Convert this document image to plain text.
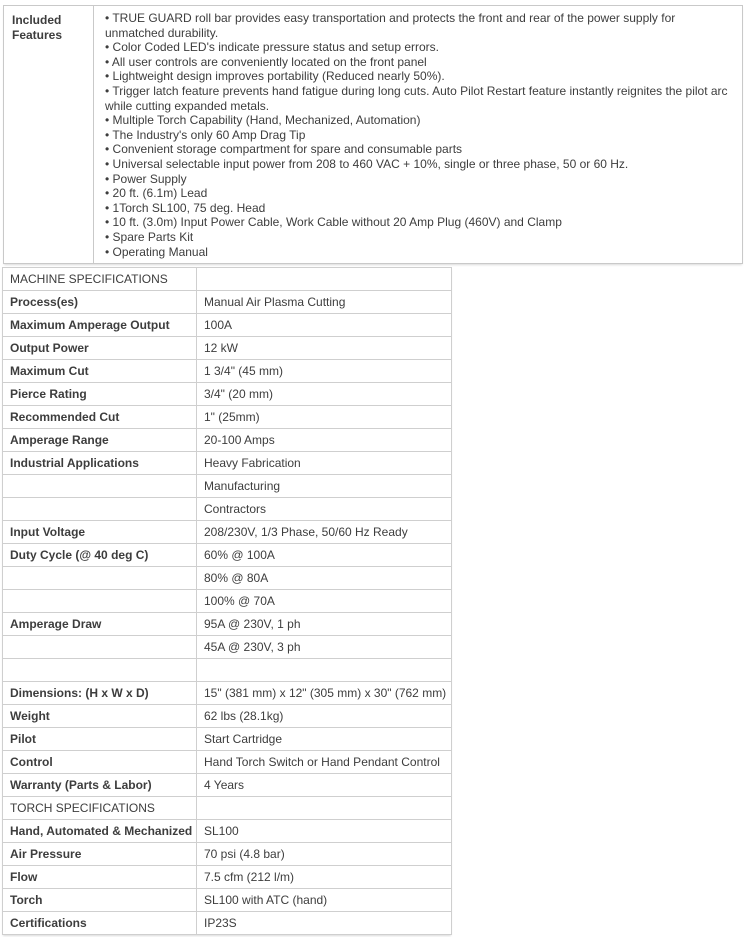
Included Features
• TRUE GUARD roll bar provides easy transportation and protects the front and rear of the power supply for unmatched durability.
• Color Coded LED's indicate pressure status and setup errors.
• All user controls are conveniently located on the front panel
• Lightweight design improves portability (Reduced nearly 50%).
• Trigger latch feature prevents hand fatigue during long cuts. Auto Pilot Restart feature instantly reignites the pilot arc while cutting expanded metals.
• Multiple Torch Capability (Hand, Mechanized, Automation)
• The Industry's only 60 Amp Drag Tip
• Convenient storage compartment for spare and consumable parts
• Universal selectable input power from 208 to 460 VAC + 10%, single or three phase, 50 or 60 Hz.
• Power Supply
• 20 ft. (6.1m) Lead
• 1Torch SL100, 75 deg. Head
• 10 ft. (3.0m) Input Power Cable, Work Cable without 20 Amp Plug (460V) and Clamp
• Spare Parts Kit
• Operating Manual
MACHINE SPECIFICATIONS	
Process(es)	Manual Air Plasma Cutting
Maximum Amperage Output	100A
Output Power	12 kW
Maximum Cut	1 3/4" (45 mm)
Pierce Rating	3/4" (20 mm)
Recommended Cut	1" (25mm)
Amperage Range	20-100 Amps
Industrial Applications	Heavy Fabrication
	Manufacturing
	Contractors
Input Voltage	208/230V, 1/3 Phase, 50/60 Hz Ready
Duty Cycle (@ 40 deg C)	60% @ 100A
	80% @ 80A
	100% @ 70A
Amperage Draw	95A @ 230V, 1 ph
	45A @ 230V, 3 ph

Dimensions: (H x W x D)	15" (381 mm) x 12" (305 mm) x 30" (762 mm)
Weight	62 lbs (28.1kg)
Pilot	Start Cartridge
Control	Hand Torch Switch or Hand Pendant Control
Warranty (Parts & Labor)	4 Years
TORCH SPECIFICATIONS	
Hand, Automated & Mechanized	SL100
Air Pressure	70 psi (4.8 bar)
Flow	7.5 cfm (212 l/m)
Torch	SL100 with ATC (hand)
Certifications	IP23S
